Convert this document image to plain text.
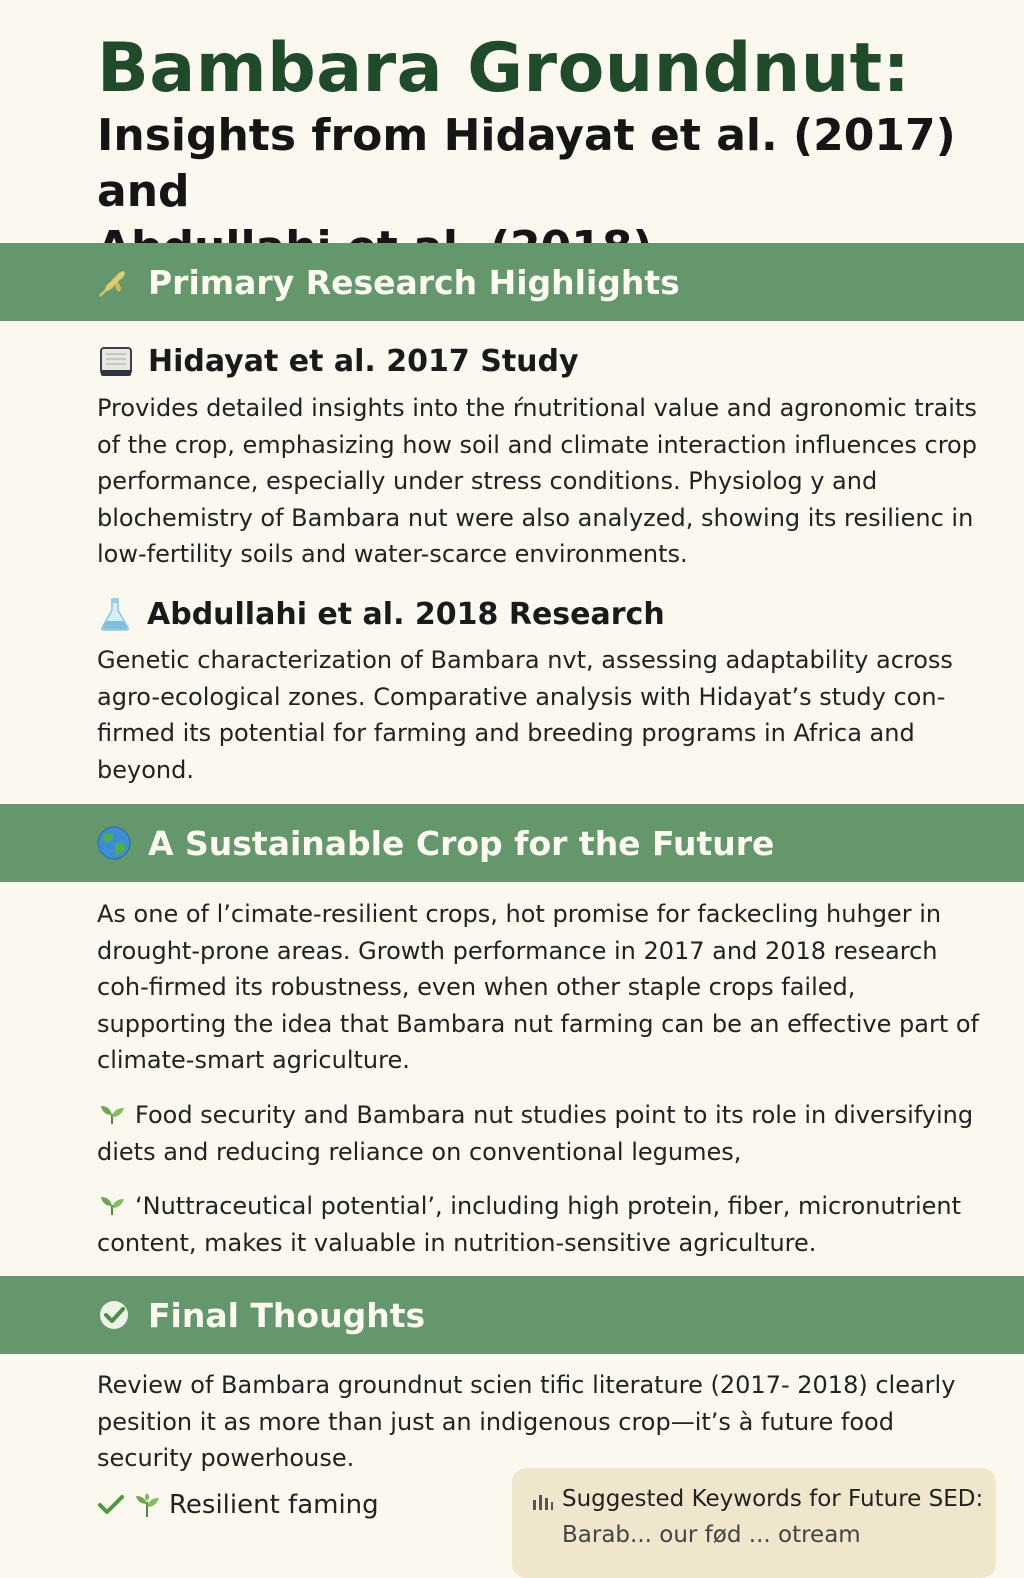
Bambara Groundnut:

Insights from Hidayat et al. (2017) and

Primary Research Highlights
Hidayat et al. 2017 Study

Provides detailed insights into the ŕnutritional value and agronomic traits of the crop, emphasizing how soil and climate interaction influences crop performance, especially under stress conditions. Physiolog y and blochemistry of Bambara nut were also analyzed, showing its resilienc in low-fertility soils and water-scarce environments.

Abdullahi et al. 2018 Research

Genetic characterization of Bambara nvt, assessing adaptability across agro-ecological zones. Comparative analysis with Hidayat’s study con-firmed its potential for farming and breeding programs in Africa and beyond.

A Sustainable Crop for the Future

As one of l’cimate-resilient crops, hot promise for fackecling huhger in drought-prone areas. Growth performance in 2017 and 2018 research coh-firmed its robustness, even when other staple crops failed, supporting the idea that Bambara nut farming can be an effective part of climate-smart agriculture.

Food security and Bambara nut studies point to its role in diversifying diets and reducing reliance on conventional legumes,
‘Nuttraceutical potential’, including high protein, fiber, micronutrient content, makes it valuable in nutrition-sensitive agriculture.
Final Thoughts

Review of Bambara groundnut scien tific literature (2017- 2018) clearly pesition it as more than just an indigenous crop—it’s à future food security powerhouse.

Resilient faming	Suggested Keywords for Future SED:
Barab... our fød ... otream
